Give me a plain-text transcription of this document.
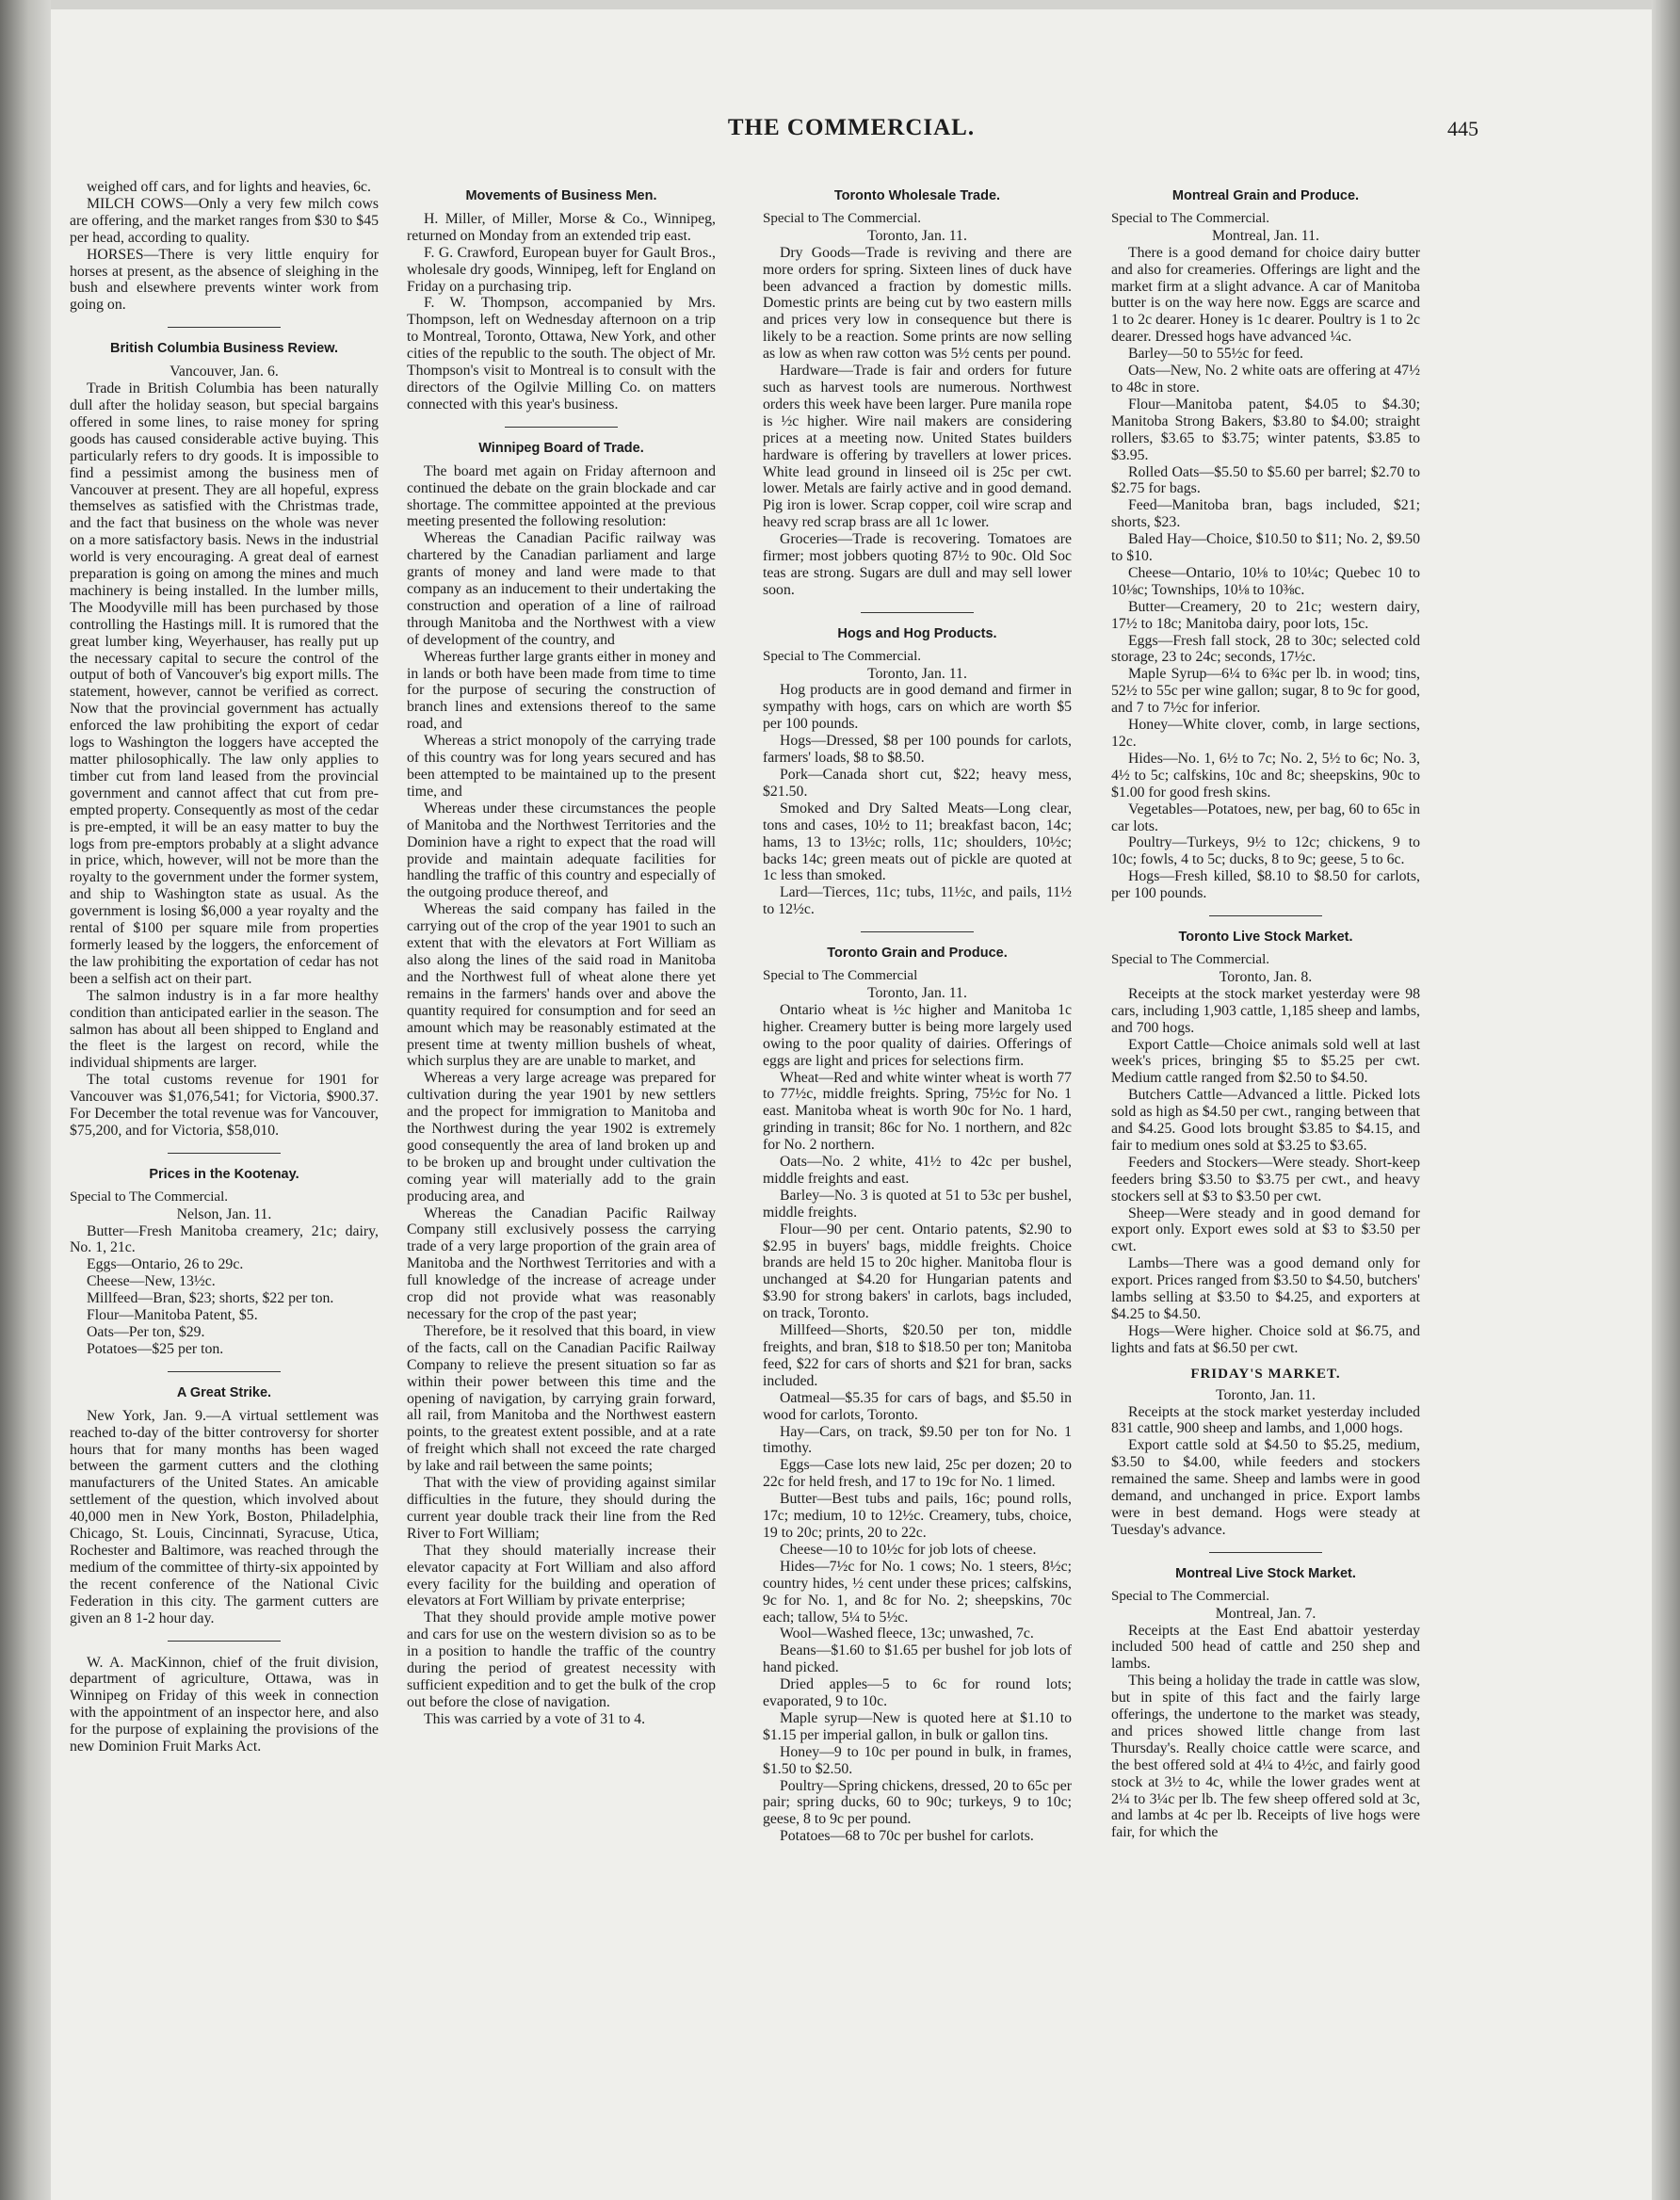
THE COMMERCIAL.	445

weighed off cars, and for lights and heavies, 6c.

MILCH COWS—Only a very few milch cows are offering, and the market ranges from $30 to $45 per head, according to quality.

HORSES—There is very little enquiry for horses at present, as the absence of sleighing in the bush and elsewhere prevents winter work from going on.

British Columbia Business Review.

Vancouver, Jan. 6.

Trade in British Columbia has been naturally dull after the holiday season, but special bargains offered in some lines, to raise money for spring goods has caused considerable active buying. This particularly refers to dry goods. It is impossible to find a pessimist among the business men of Vancouver at present. They are all hopeful, express themselves as satisfied with the Christmas trade, and the fact that business on the whole was never on a more satisfactory basis. News in the industrial world is very encouraging. A great deal of earnest preparation is going on among the mines and much machinery is being installed. In the lumber mills, The Moodyville mill has been purchased by those controlling the Hastings mill. It is rumored that the great lumber king, Weyerhauser, has really put up the necessary capital to secure the control of the output of both of Vancouver's big export mills. The statement, however, cannot be verified as correct. Now that the provincial government has actually enforced the law prohibiting the export of cedar logs to Washington the loggers have accepted the matter philosophically. The law only applies to timber cut from land leased from the provincial government and cannot affect that cut from pre-empted property. Consequently as most of the cedar is pre-empted, it will be an easy matter to buy the logs from pre-emptors probably at a slight advance in price, which, however, will not be more than the royalty to the government under the former system, and ship to Washington state as usual. As the government is losing $6,000 a year royalty and the rental of $100 per square mile from properties formerly leased by the loggers, the enforcement of the law prohibiting the exportation of cedar has not been a selfish act on their part.

The salmon industry is in a far more healthy condition than anticipated earlier in the season. The salmon has about all been shipped to England and the fleet is the largest on record, while the individual shipments are larger.

The total customs revenue for 1901 for Vancouver was $1,076,541; for Victoria, $900.37. For December the total revenue was for Vancouver, $75,200, and for Victoria, $58,010.

Prices in the Kootenay.

Special to The Commercial.

Nelson, Jan. 11.

Butter—Fresh Manitoba creamery, 21c; dairy, No. 1, 21c.

Eggs—Ontario, 26 to 29c.

Cheese—New, 13½c.

Millfeed—Bran, $23; shorts, $22 per ton.

Flour—Manitoba Patent, $5.

Oats—Per ton, $29.

Potatoes—$25 per ton.

A Great Strike.

New York, Jan. 9.—A virtual settlement was reached to-day of the bitter controversy for shorter hours that for many months has been waged between the garment cutters and the clothing manufacturers of the United States. An amicable settlement of the question, which involved about 40,000 men in New York, Boston, Philadelphia, Chicago, St. Louis, Cincinnati, Syracuse, Utica, Rochester and Baltimore, was reached through the medium of the committee of thirty-six appointed by the recent conference of the National Civic Federation in this city. The garment cutters are given an 8 1-2 hour day.

W. A. MacKinnon, chief of the fruit division, department of agriculture, Ottawa, was in Winnipeg on Friday of this week in connection with the appointment of an inspector here, and also for the purpose of explaining the provisions of the new Dominion Fruit Marks Act.

Movements of Business Men.

H. Miller, of Miller, Morse & Co., Winnipeg, returned on Monday from an extended trip east.

F. G. Crawford, European buyer for Gault Bros., wholesale dry goods, Winnipeg, left for England on Friday on a purchasing trip.

F. W. Thompson, accompanied by Mrs. Thompson, left on Wednesday afternoon on a trip to Montreal, Toronto, Ottawa, New York, and other cities of the republic to the south. The object of Mr. Thompson's visit to Montreal is to consult with the directors of the Ogilvie Milling Co. on matters connected with this year's business.

Winnipeg Board of Trade.

The board met again on Friday afternoon and continued the debate on the grain blockade and car shortage. The committee appointed at the previous meeting presented the following resolution:

Whereas the Canadian Pacific railway was chartered by the Canadian parliament and large grants of money and land were made to that company as an inducement to their undertaking the construction and operation of a line of railroad through Manitoba and the Northwest with a view of development of the country, and

Whereas further large grants either in money and in lands or both have been made from time to time for the purpose of securing the construction of branch lines and extensions thereof to the same road, and

Whereas a strict monopoly of the carrying trade of this country was for long years secured and has been attempted to be maintained up to the present time, and

Whereas under these circumstances the people of Manitoba and the Northwest Territories and the Dominion have a right to expect that the road will provide and maintain adequate facilities for handling the traffic of this country and especially of the outgoing produce thereof, and

Whereas the said company has failed in the carrying out of the crop of the year 1901 to such an extent that with the elevators at Fort William as also along the lines of the said road in Manitoba and the Northwest full of wheat alone there yet remains in the farmers' hands over and above the quantity required for consumption and for seed an amount which may be reasonably estimated at the present time at twenty million bushels of wheat, which surplus they are are unable to market, and

Whereas a very large acreage was prepared for cultivation during the year 1901 by new settlers and the propect for immigration to Manitoba and the Northwest during the year 1902 is extremely good consequently the area of land broken up and to be broken up and brought under cultivation the coming year will materially add to the grain producing area, and

Whereas the Canadian Pacific Railway Company still exclusively possess the carrying trade of a very large proportion of the grain area of Manitoba and the Northwest Territories and with a full knowledge of the increase of acreage under crop did not provide what was reasonably necessary for the crop of the past year;

Therefore, be it resolved that this board, in view of the facts, call on the Canadian Pacific Railway Company to relieve the present situation so far as within their power between this time and the opening of navigation, by carrying grain forward, all rail, from Manitoba and the Northwest eastern points, to the greatest extent possible, and at a rate of freight which shall not exceed the rate charged by lake and rail between the same points;

That with the view of providing against similar difficulties in the future, they should during the current year double track their line from the Red River to Fort William;

That they should materially increase their elevator capacity at Fort William and also afford every facility for the building and operation of elevators at Fort William by private enterprise;

That they should provide ample motive power and cars for use on the western division so as to be in a position to handle the traffic of the country during the period of greatest necessity with sufficient expedition and to get the bulk of the crop out before the close of navigation.

This was carried by a vote of 31 to 4.

Toronto Wholesale Trade.

Special to The Commercial.

Toronto, Jan. 11.

Dry Goods—Trade is reviving and there are more orders for spring. Sixteen lines of duck have been advanced a fraction by domestic mills. Domestic prints are being cut by two eastern mills and prices very low in consequence but there is likely to be a reaction. Some prints are now selling as low as when raw cotton was 5½ cents per pound.

Hardware—Trade is fair and orders for future such as harvest tools are numerous. Northwest orders this week have been larger. Pure manila rope is ½c higher. Wire nail makers are considering prices at a meeting now. United States builders hardware is offering by travellers at lower prices. White lead ground in linseed oil is 25c per cwt. lower. Metals are fairly active and in good demand. Pig iron is lower. Scrap copper, coil wire scrap and heavy red scrap brass are all 1c lower.

Groceries—Trade is recovering. Tomatoes are firmer; most jobbers quoting 87½ to 90c. Old Soc teas are strong. Sugars are dull and may sell lower soon.

Hogs and Hog Products.

Special to The Commercial.

Toronto, Jan. 11.

Hog products are in good demand and firmer in sympathy with hogs, cars on which are worth $5 per 100 pounds.

Hogs—Dressed, $8 per 100 pounds for carlots, farmers' loads, $8 to $8.50.

Pork—Canada short cut, $22; heavy mess, $21.50.

Smoked and Dry Salted Meats—Long clear, tons and cases, 10½ to 11; breakfast bacon, 14c; hams, 13 to 13½c; rolls, 11c; shoulders, 10½c; backs 14c; green meats out of pickle are quoted at 1c less than smoked.

Lard—Tierces, 11c; tubs, 11½c, and pails, 11½ to 12½c.

Toronto Grain and Produce.

Special to The Commercial

Toronto, Jan. 11.

Ontario wheat is ½c higher and Manitoba 1c higher. Creamery butter is being more largely used owing to the poor quality of dairies. Offerings of eggs are light and prices for selections firm.

Wheat—Red and white winter wheat is worth 77 to 77½c, middle freights. Spring, 75½c for No. 1 east. Manitoba wheat is worth 90c for No. 1 hard, grinding in transit; 86c for No. 1 northern, and 82c for No. 2 northern.

Oats—No. 2 white, 41½ to 42c per bushel, middle freights and east.

Barley—No. 3 is quoted at 51 to 53c per bushel, middle freights.

Flour—90 per cent. Ontario patents, $2.90 to $2.95 in buyers' bags, middle freights. Choice brands are held 15 to 20c higher. Manitoba flour is unchanged at $4.20 for Hungarian patents and $3.90 for strong bakers' in carlots, bags included, on track, Toronto.

Millfeed—Shorts, $20.50 per ton, middle freights, and bran, $18 to $18.50 per ton; Manitoba feed, $22 for cars of shorts and $21 for bran, sacks included.

Oatmeal—$5.35 for cars of bags, and $5.50 in wood for carlots, Toronto.

Hay—Cars, on track, $9.50 per ton for No. 1 timothy.

Eggs—Case lots new laid, 25c per dozen; 20 to 22c for held fresh, and 17 to 19c for No. 1 limed.

Butter—Best tubs and pails, 16c; pound rolls, 17c; medium, 10 to 12½c. Creamery, tubs, choice, 19 to 20c; prints, 20 to 22c.

Cheese—10 to 10½c for job lots of cheese.

Hides—7½c for No. 1 cows; No. 1 steers, 8½c; country hides, ½ cent under these prices; calfskins, 9c for No. 1, and 8c for No. 2; sheepskins, 70c each; tallow, 5¼ to 5½c.

Wool—Washed fleece, 13c; unwashed, 7c.

Beans—$1.60 to $1.65 per bushel for job lots of hand picked.

Dried apples—5 to 6c for round lots; evaporated, 9 to 10c.

Maple syrup—New is quoted here at $1.10 to $1.15 per imperial gallon, in bulk or gallon tins.

Honey—9 to 10c per pound in bulk, in frames, $1.50 to $2.50.

Poultry—Spring chickens, dressed, 20 to 65c per pair; spring ducks, 60 to 90c; turkeys, 9 to 10c; geese, 8 to 9c per pound.

Potatoes—68 to 70c per bushel for carlots.

Montreal Grain and Produce.

Special to The Commercial.

Montreal, Jan. 11.

There is a good demand for choice dairy butter and also for creameries. Offerings are light and the market firm at a slight advance. A car of Manitoba butter is on the way here now. Eggs are scarce and 1 to 2c dearer. Honey is 1c dearer. Poultry is 1 to 2c dearer. Dressed hogs have advanced ¼c.

Barley—50 to 55½c for feed.

Oats—New, No. 2 white oats are offering at 47½ to 48c in store.

Flour—Manitoba patent, $4.05 to $4.30; Manitoba Strong Bakers, $3.80 to $4.00; straight rollers, $3.65 to $3.75; winter patents, $3.85 to $3.95.

Rolled Oats—$5.50 to $5.60 per barrel; $2.70 to $2.75 for bags.

Feed—Manitoba bran, bags included, $21; shorts, $23.

Baled Hay—Choice, $10.50 to $11; No. 2, $9.50 to $10.

Cheese—Ontario, 10⅛ to 10¼c; Quebec 10 to 10⅛c; Townships, 10⅛ to 10⅜c.

Butter—Creamery, 20 to 21c; western dairy, 17½ to 18c; Manitoba dairy, poor lots, 15c.

Eggs—Fresh fall stock, 28 to 30c; selected cold storage, 23 to 24c; seconds, 17½c.

Maple Syrup—6¼ to 6¾c per lb. in wood; tins, 52½ to 55c per wine gallon; sugar, 8 to 9c for good, and 7 to 7½c for inferior.

Honey—White clover, comb, in large sections, 12c.

Hides—No. 1, 6½ to 7c; No. 2, 5½ to 6c; No. 3, 4½ to 5c; calfskins, 10c and 8c; sheepskins, 90c to $1.00 for good fresh skins.

Vegetables—Potatoes, new, per bag, 60 to 65c in car lots.

Poultry—Turkeys, 9½ to 12c; chickens, 9 to 10c; fowls, 4 to 5c; ducks, 8 to 9c; geese, 5 to 6c.

Hogs—Fresh killed, $8.10 to $8.50 for carlots, per 100 pounds.

Toronto Live Stock Market.

Special to The Commercial.

Toronto, Jan. 8.

Receipts at the stock market yesterday were 98 cars, including 1,903 cattle, 1,185 sheep and lambs, and 700 hogs.

Export Cattle—Choice animals sold well at last week's prices, bringing $5 to $5.25 per cwt. Medium cattle ranged from $2.50 to $4.50.

Butchers Cattle—Advanced a little. Picked lots sold as high as $4.50 per cwt., ranging between that and $4.25. Good lots brought $3.85 to $4.15, and fair to medium ones sold at $3.25 to $3.65.

Feeders and Stockers—Were steady. Short-keep feeders bring $3.50 to $3.75 per cwt., and heavy stockers sell at $3 to $3.50 per cwt.

Sheep—Were steady and in good demand for export only. Export ewes sold at $3 to $3.50 per cwt.

Lambs—There was a good demand only for export. Prices ranged from $3.50 to $4.50, butchers' lambs selling at $3.50 to $4.25, and exporters at $4.25 to $4.50.

Hogs—Were higher. Choice sold at $6.75, and lights and fats at $6.50 per cwt.

FRIDAY'S MARKET.

Toronto, Jan. 11.

Receipts at the stock market yesterday included 831 cattle, 900 sheep and lambs, and 1,000 hogs.

Export cattle sold at $4.50 to $5.25, medium, $3.50 to $4.00, while feeders and stockers remained the same. Sheep and lambs were in good demand, and unchanged in price. Export lambs were in best demand. Hogs were steady at Tuesday's advance.

Montreal Live Stock Market.

Special to The Commercial.

Montreal, Jan. 7.

Receipts at the East End abattoir yesterday included 500 head of cattle and 250 shep and lambs.

This being a holiday the trade in cattle was slow, but in spite of this fact and the fairly large offerings, the undertone to the market was steady, and prices showed little change from last Thursday's. Really choice cattle were scarce, and the best offered sold at 4¼ to 4½c, and fairly good stock at 3½ to 4c, while the lower grades went at 2¼ to 3¼c per lb. The few sheep offered sold at 3c, and lambs at 4c per lb. Receipts of live hogs were fair, for which the
